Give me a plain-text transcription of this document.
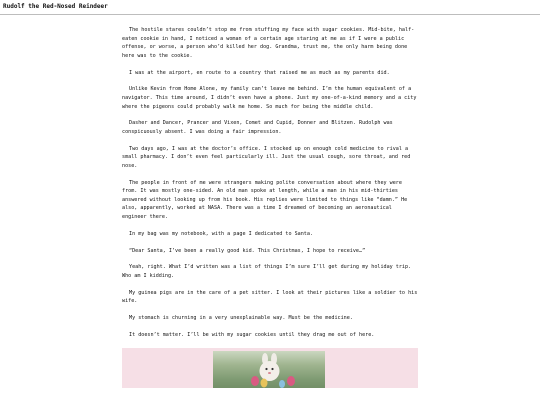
Rudolf the Red-Nosed Reindeer

The hostile stares couldn’t stop me from stuffing my face with sugar cookies. Mid-bite, half-eaten cookie in hand, I noticed a woman of a certain age staring at me as if I were a public offense, or worse, a person who’d killed her dog. Grandma, trust me, the only harm being done here was to the cookie.

I was at the airport, en route to a country that raised me as much as my parents did.

Unlike Kevin from Home Alone, my family can’t leave me behind. I’m the human equivalent of a navigator. This time around, I didn’t even have a phone. Just my one-of-a-kind memory and a city where the pigeons could probably walk me home. So much for being the middle child.

Dasher and Dancer, Prancer and Vixen, Comet and Cupid, Donner and Blitzen. Rudolph was conspicuously absent. I was doing a fair impression.

Two days ago, I was at the doctor’s office. I stocked up on enough cold medicine to rival a small pharmacy. I don’t even feel particularly ill. Just the usual cough, sore throat, and red nose.

The people in front of me were strangers making polite conversation about where they were from. It was mostly one-sided. An old man spoke at length, while a man in his mid-thirties answered without looking up from his book. His replies were limited to things like “damn.” He also, apparently, worked at NASA. There was a time I dreamed of becoming an aeronautical engineer there.

In my bag was my notebook, with a page I dedicated to Santa.

“Dear Santa, I’ve been a really good kid. This Christmas, I hope to receive…”

Yeah, right. What I’d written was a list of things I’m sure I’ll get during my holiday trip. Who am I kidding.

My guinea pigs are in the care of a pet sitter. I look at their pictures like a soldier to his wife.

My stomach is churning in a very unexplainable way. Must be the medicine.

It doesn’t matter. I’ll be with my sugar cookies until they drag me out of here.
